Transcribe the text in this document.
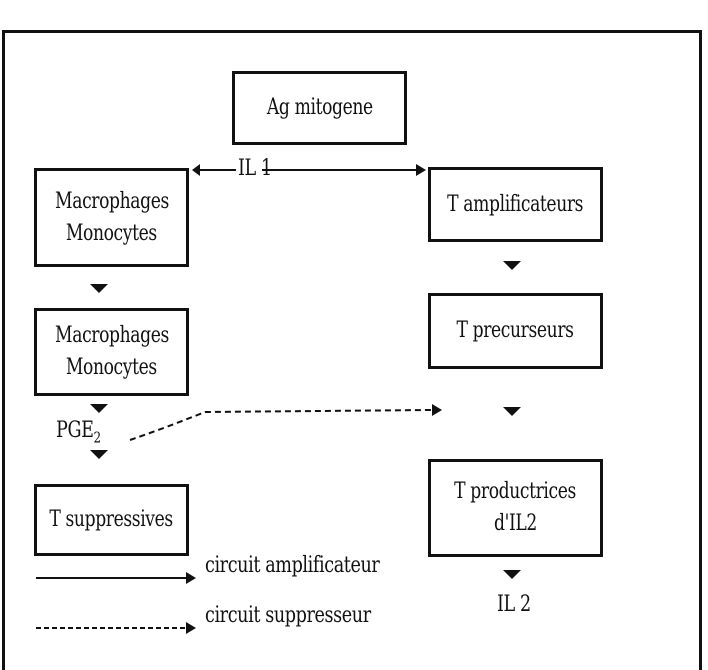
Ag mitogene
Macrophages
Monocytes
Macrophages
Monocytes
T suppressives
T amplificateurs
T precurseurs
T productrices
d'IL2
IL 1
$PGE_2$
IL 2
circuit amplificateur
circuit suppresseur
